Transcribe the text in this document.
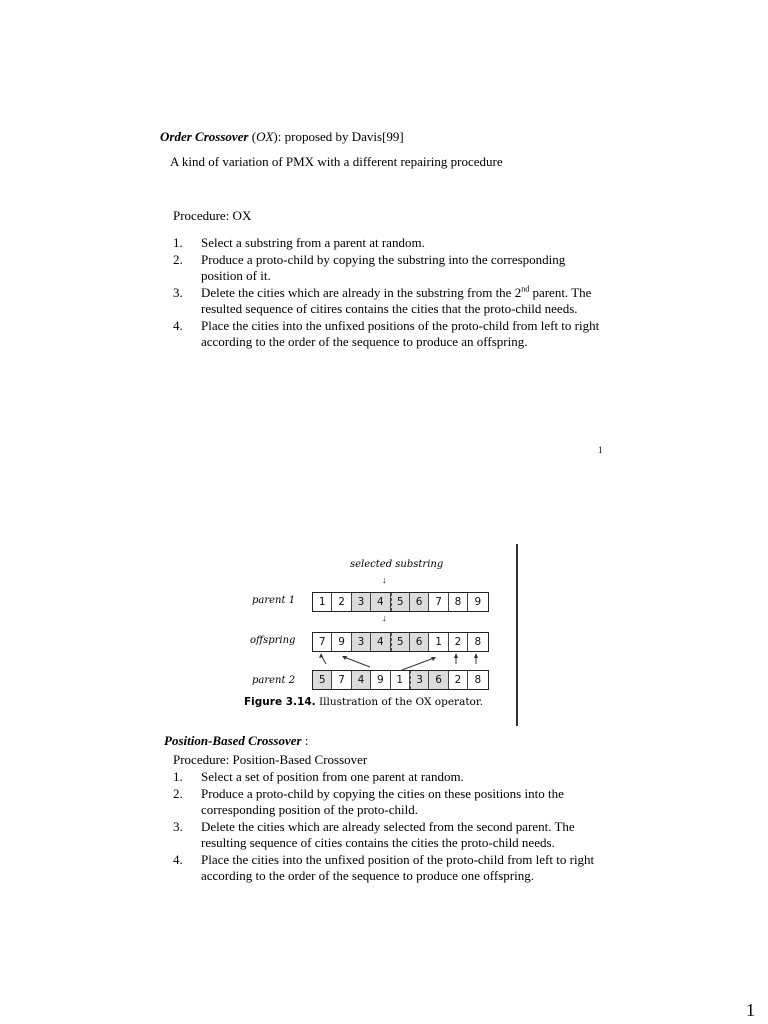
Order Crossover (OX): proposed by Davis[99]
A kind of variation of PMX with a different repairing procedure
Procedure: OX
1. Select a substring from a parent at random.
2. Produce a proto-child by copying the substring into the corresponding position of it.
3. Delete the cities which are already in the substring from the 2nd parent. The resulted sequence of citires contains the cities that the proto-child needs.
4. Place the cities into the unfixed positions of the proto-child from left to right according to the order of the sequence to produce an offspring.
1
selected substring
↓
parent 1	1	2	3	4	5	6	7	8	9
↓
offspring	7	9	3	4	5	6	1	2	8
parent 2	5	7	4	9	1	3	6	2	8
Figure 3.14. Illustration of the OX operator.
Position-Based Crossover :
Procedure: Position-Based Crossover
1. Select a set of position from one parent at random.
2. Produce a proto-child by copying the cities on these positions into the corresponding position of the proto-child.
3. Delete the cities which are already selected from the second parent. The resulting sequence of cities contains the cities the proto-child needs.
4. Place the cities into the unfixed position of the proto-child from left to right according to the order of the sequence to produce one offspring.
1
